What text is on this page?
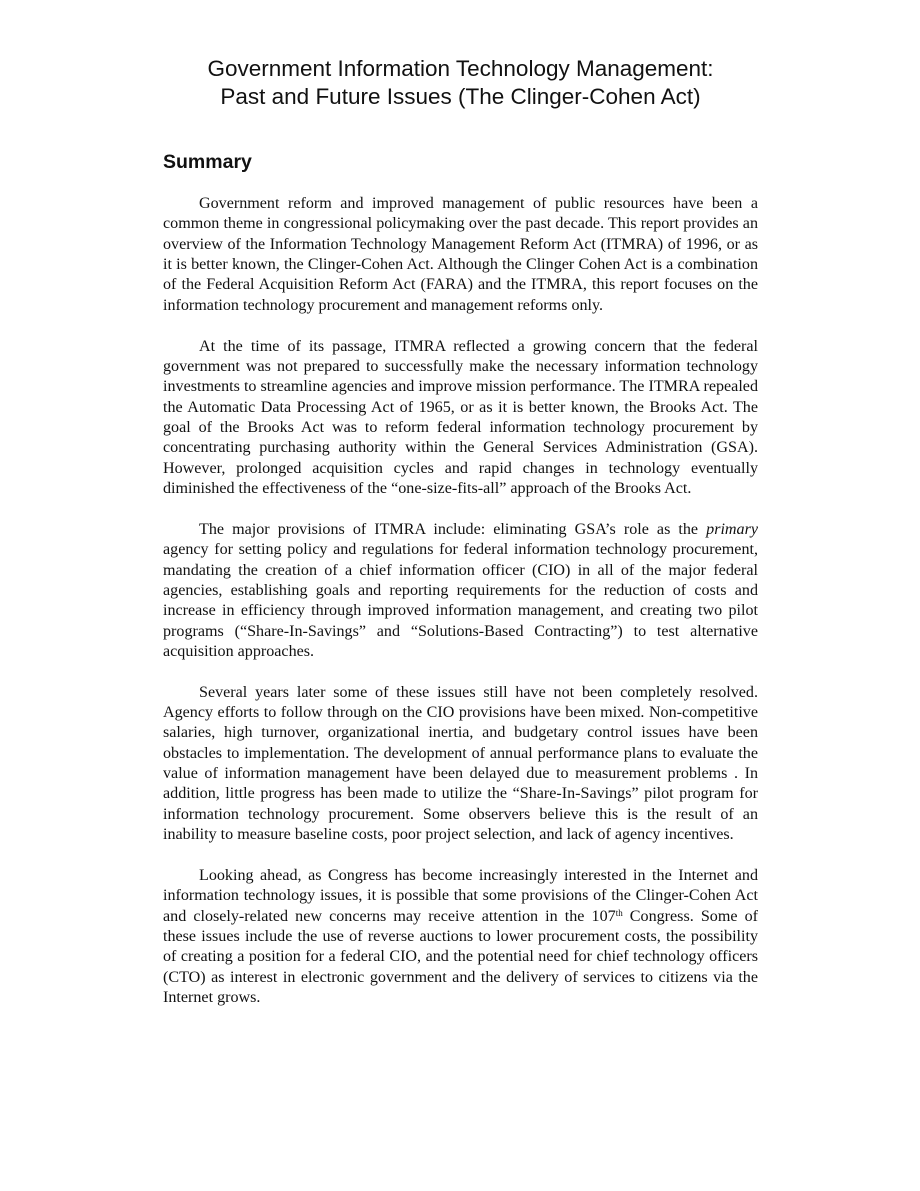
Government Information Technology Management:
Past and Future Issues (The Clinger-Cohen Act)
Summary

Government reform and improved management of public resources have been a common theme in congressional policymaking over the past decade. This report provides an overview of the Information Technology Management Reform Act (ITMRA) of 1996, or as it is better known, the Clinger-Cohen Act. Although the Clinger Cohen Act is a combination of the Federal Acquisition Reform Act (FARA) and the ITMRA, this report focuses on the information technology procurement and management reforms only.

At the time of its passage, ITMRA reflected a growing concern that the federal government was not prepared to successfully make the necessary information technology investments to streamline agencies and improve mission performance. The ITMRA repealed the Automatic Data Processing Act of 1965, or as it is better known, the Brooks Act. The goal of the Brooks Act was to reform federal information technology procurement by concentrating purchasing authority within the General Services Administration (GSA). However, prolonged acquisition cycles and rapid changes in technology eventually diminished the effectiveness of the “one-size-fits-all” approach of the Brooks Act.

The major provisions of ITMRA include: eliminating GSA’s role as the primary agency for setting policy and regulations for federal information technology procurement, mandating the creation of a chief information officer (CIO) in all of the major federal agencies, establishing goals and reporting requirements for the reduction of costs and increase in efficiency through improved information management, and creating two pilot programs (“Share-In-Savings” and “Solutions-Based Contracting”) to test alternative acquisition approaches.

Several years later some of these issues still have not been completely resolved. Agency efforts to follow through on the CIO provisions have been mixed. Non-competitive salaries, high turnover, organizational inertia, and budgetary control issues have been obstacles to implementation. The development of annual performance plans to evaluate the value of information management have been delayed due to measurement problems . In addition, little progress has been made to utilize the “Share-In-Savings” pilot program for information technology procurement. Some observers believe this is the result of an inability to measure baseline costs, poor project selection, and lack of agency incentives.

Looking ahead, as Congress has become increasingly interested in the Internet and information technology issues, it is possible that some provisions of the Clinger-Cohen Act and closely-related new concerns may receive attention in the 107th Congress. Some of these issues include the use of reverse auctions to lower procurement costs, the possibility of creating a position for a federal CIO, and the potential need for chief technology officers (CTO) as interest in electronic government and the delivery of services to citizens via the Internet grows.
